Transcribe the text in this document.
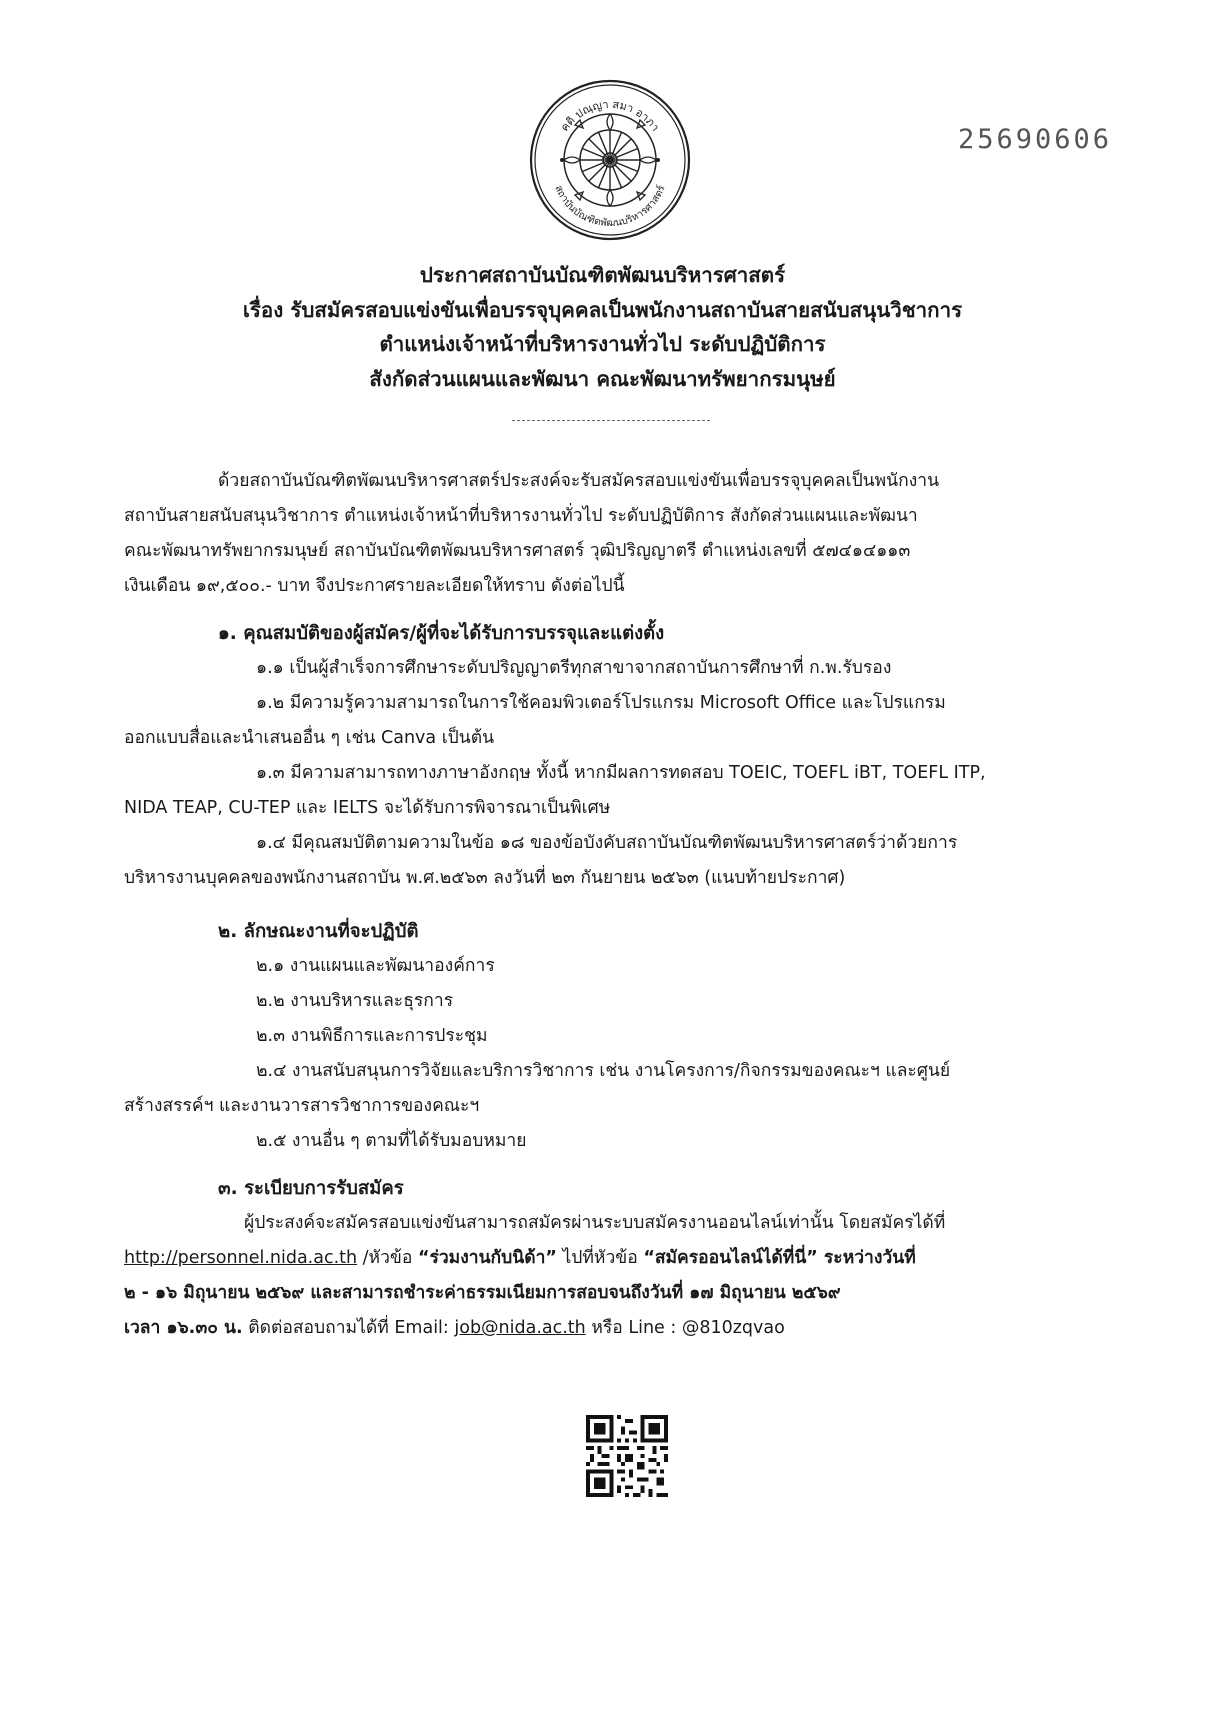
คติ ปณฺญา สมา อาภา
สถาบันบัณฑิตพัฒนบริหารศาสตร์
25690606
ประกาศสถาบันบัณฑิตพัฒนบริหารศาสตร์
เรื่อง รับสมัครสอบแข่งขันเพื่อบรรจุบุคคลเป็นพนักงานสถาบันสายสนับสนุนวิชาการ
ตำแหน่งเจ้าหน้าที่บริหารงานทั่วไป ระดับปฏิบัติการ
สังกัดส่วนแผนและพัฒนา คณะพัฒนาทรัพยากรมนุษย์

ด้วยสถาบันบัณฑิตพัฒนบริหารศาสตร์ประสงค์จะรับสมัครสอบแข่งขันเพื่อบรรจุบุคคลเป็นพนักงาน

สถาบันสายสนับสนุนวิชาการ ตำแหน่งเจ้าหน้าที่บริหารงานทั่วไป ระดับปฏิบัติการ สังกัดส่วนแผนและพัฒนา

คณะพัฒนาทรัพยากรมนุษย์ สถาบันบัณฑิตพัฒนบริหารศาสตร์ วุฒิปริญญาตรี ตำแหน่งเลขที่ ๕๗๔๑๔๑๑๓

เงินเดือน ๑๙,๕๐๐.- บาท จึงประกาศรายละเอียดให้ทราบ ดังต่อไปนี้

๑. คุณสมบัติของผู้สมัคร/ผู้ที่จะได้รับการบรรจุและแต่งตั้ง

๑.๑ เป็นผู้สำเร็จการศึกษาระดับปริญญาตรีทุกสาขาจากสถาบันการศึกษาที่ ก.พ.รับรอง

๑.๒ มีความรู้ความสามารถในการใช้คอมพิวเตอร์โปรแกรม Microsoft Office และโปรแกรม

ออกแบบสื่อและนำเสนออื่น ๆ เช่น Canva เป็นต้น

๑.๓ มีความสามารถทางภาษาอังกฤษ ทั้งนี้ หากมีผลการทดสอบ TOEIC, TOEFL iBT, TOEFL ITP,

NIDA TEAP, CU-TEP และ IELTS จะได้รับการพิจารณาเป็นพิเศษ

๑.๔ มีคุณสมบัติตามความในข้อ ๑๘ ของข้อบังคับสถาบันบัณฑิตพัฒนบริหารศาสตร์ว่าด้วยการ

บริหารงานบุคคลของพนักงานสถาบัน พ.ศ.๒๕๖๓ ลงวันที่ ๒๓ กันยายน ๒๕๖๓ (แนบท้ายประกาศ)

๒. ลักษณะงานที่จะปฏิบัติ

๒.๑ งานแผนและพัฒนาองค์การ

๒.๒ งานบริหารและธุรการ

๒.๓ งานพิธีการและการประชุม

๒.๔ งานสนับสนุนการวิจัยและบริการวิชาการ เช่น งานโครงการ/กิจกรรมของคณะฯ และศูนย์

สร้างสรรค์ฯ และงานวารสารวิชาการของคณะฯ

๒.๕ งานอื่น ๆ ตามที่ได้รับมอบหมาย

๓. ระเบียบการรับสมัคร

ผู้ประสงค์จะสมัครสอบแข่งขันสามารถสมัครผ่านระบบสมัครงานออนไลน์เท่านั้น โดยสมัครได้ที่

http://personnel.nida.ac.th /หัวข้อ “ร่วมงานกับนิด้า” ไปที่หัวข้อ “สมัครออนไลน์ได้ที่นี่” ระหว่างวันที่

๒ - ๑๖ มิถุนายน ๒๕๖๙ และสามารถชำระค่าธรรมเนียมการสอบจนถึงวันที่ ๑๗ มิถุนายน ๒๕๖๙

เวลา ๑๖.๓๐ น. ติดต่อสอบถามได้ที่ Email: job@nida.ac.th หรือ Line : @810zqvao
